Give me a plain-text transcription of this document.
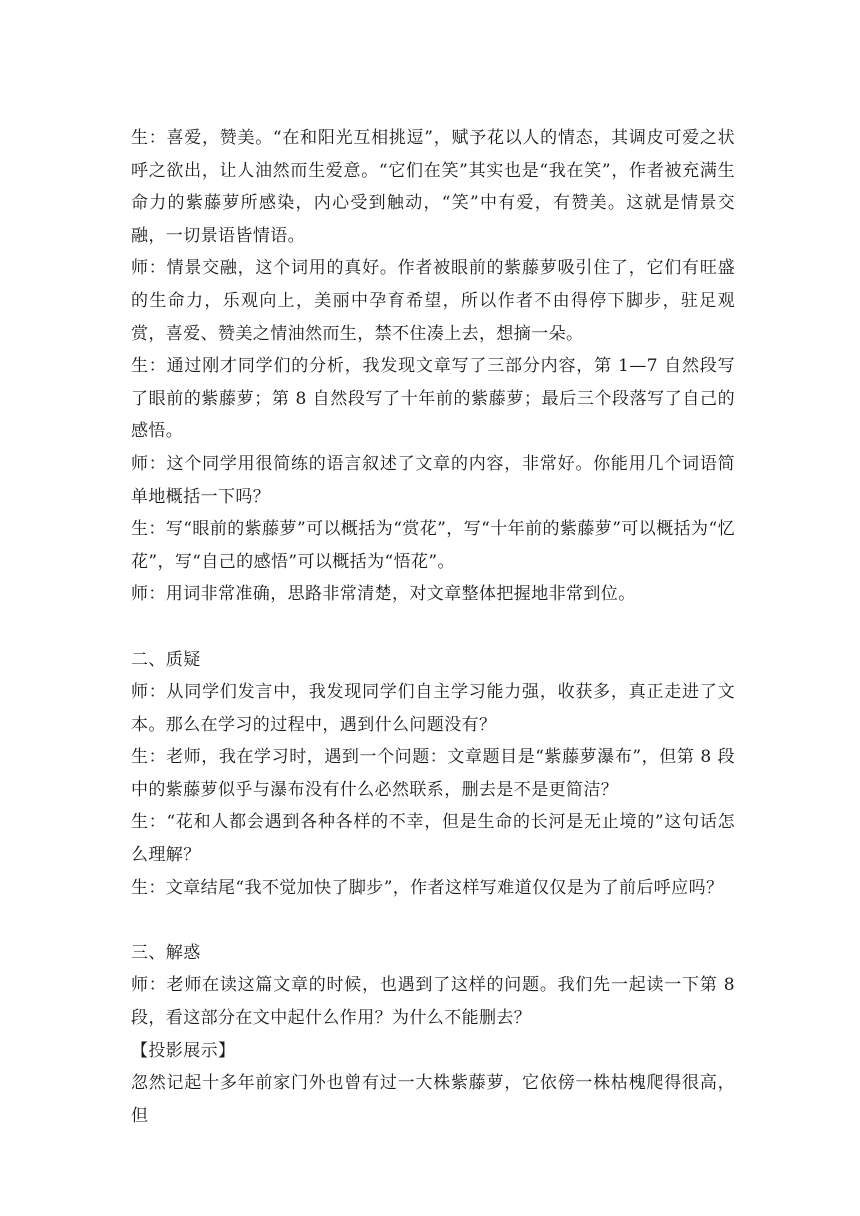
生：喜爱，赞美。“在和阳光互相挑逗”，赋予花以人的情态，其调皮可爱之状呼之欲出，让人油然而生爱意。“它们在笑”其实也是“我在笑”，作者被充满生命力的紫藤萝所感染，内心受到触动，“笑”中有爱，有赞美。这就是情景交融，一切景语皆情语。

师：情景交融，这个词用的真好。作者被眼前的紫藤萝吸引住了，它们有旺盛的生命力，乐观向上，美丽中孕育希望，所以作者不由得停下脚步，驻足观赏，喜爱、赞美之情油然而生，禁不住凑上去，想摘一朵。

生：通过刚才同学们的分析，我发现文章写了三部分内容，第 1—7 自然段写了眼前的紫藤萝；第 8 自然段写了十年前的紫藤萝；最后三个段落写了自己的感悟。

师：这个同学用很简练的语言叙述了文章的内容，非常好。你能用几个词语简单地概括一下吗？

生：写“眼前的紫藤萝”可以概括为“赏花”，写“十年前的紫藤萝”可以概括为“忆花”，写“自己的感悟”可以概括为“悟花”。

师：用词非常准确，思路非常清楚，对文章整体把握地非常到位。

二、质疑

师：从同学们发言中，我发现同学们自主学习能力强，收获多，真正走进了文本。那么在学习的过程中，遇到什么问题没有？

生：老师，我在学习时，遇到一个问题：文章题目是“紫藤萝瀑布”，但第 8 段中的紫藤萝似乎与瀑布没有什么必然联系，删去是不是更简洁？

生：“花和人都会遇到各种各样的不幸，但是生命的长河是无止境的”这句话怎么理解？

生：文章结尾“我不觉加快了脚步”，作者这样写难道仅仅是为了前后呼应吗？

三、解惑

师：老师在读这篇文章的时候，也遇到了这样的问题。我们先一起读一下第 8 段，看这部分在文中起什么作用？为什么不能删去？

【投影展示】

忽然记起十多年前家门外也曾有过一大株紫藤萝，它依傍一株枯槐爬得很高，但
